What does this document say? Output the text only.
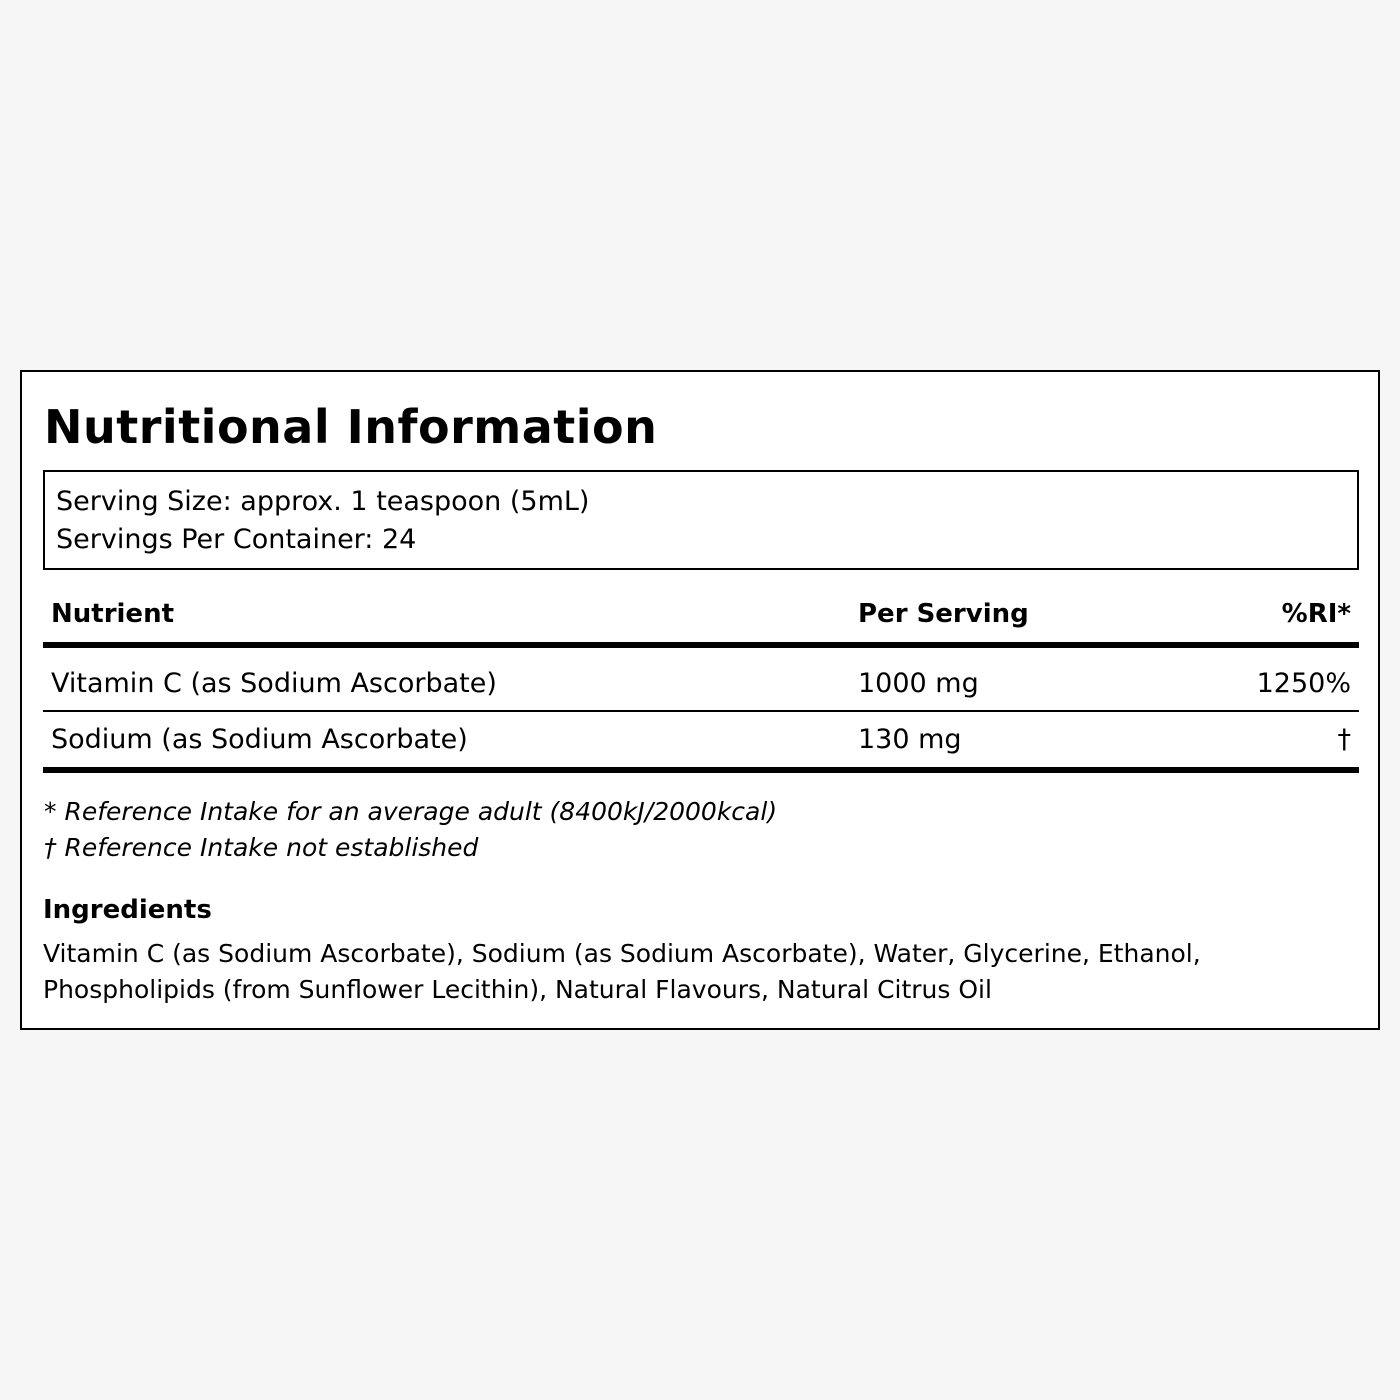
Nutritional Information
Serving Size: approx. 1 teaspoon (5mL)
Servings Per Container: 24
Nutrient	Per Serving	%RI*
Vitamin C (as Sodium Ascorbate)	1000 mg	1250%
Sodium (as Sodium Ascorbate)	130 mg	†
* Reference Intake for an average adult (8400kJ/2000kcal)
† Reference Intake not established
Ingredients
Vitamin C (as Sodium Ascorbate), Sodium (as Sodium Ascorbate), Water, Glycerine, Ethanol, Phospholipids (from Sunflower Lecithin), Natural Flavours, Natural Citrus Oil
